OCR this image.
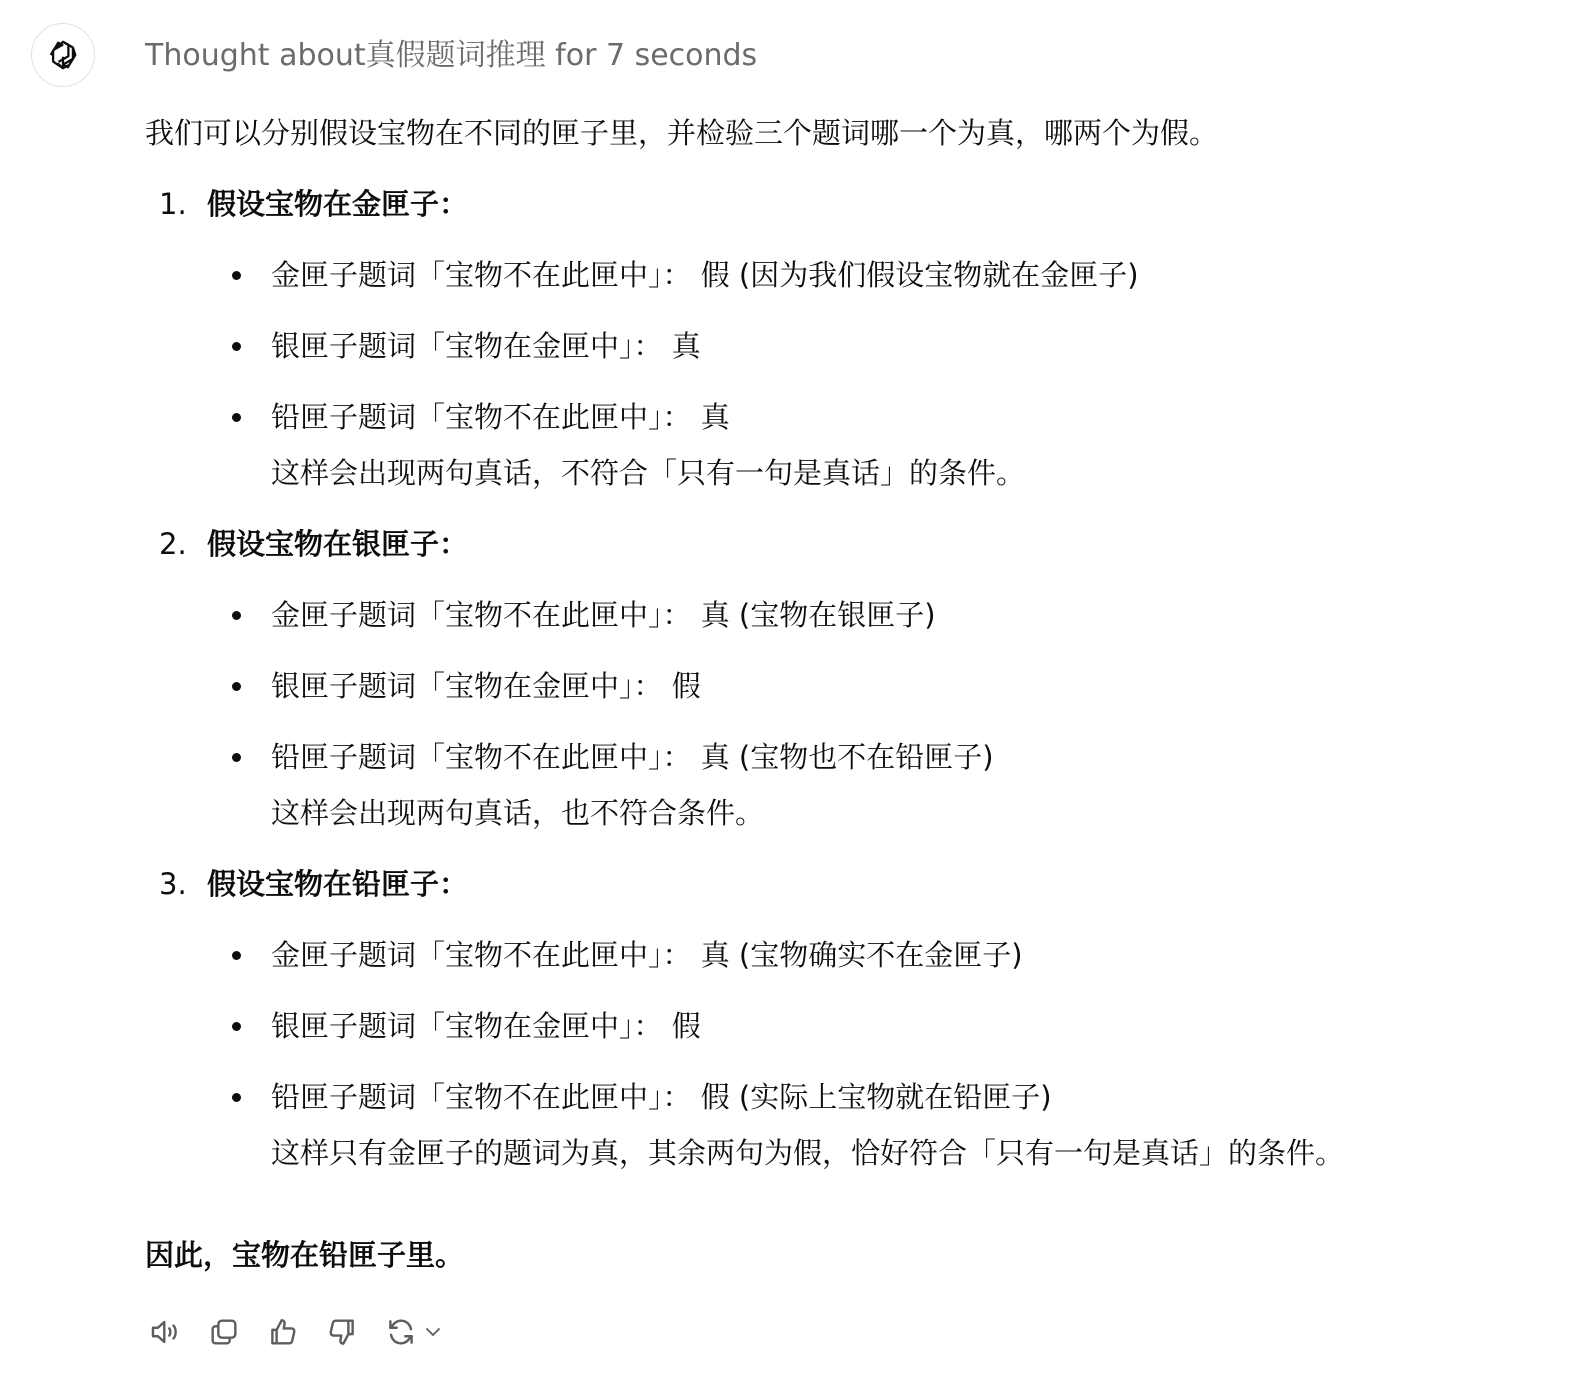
Thought about真假题词推理 for 7 seconds

我们可以分别假设宝物在不同的匣子里，并检验三个题词哪一个为真，哪两个为假。

1. 假设宝物在金匣子：
金匣子题词「宝物不在此匣中」： 假 (因为我们假设宝物就在金匣子)
银匣子题词「宝物在金匣中」： 真
铅匣子题词「宝物不在此匣中」： 真
这样会出现两句真话，不符合「只有一句是真话」的条件。
2. 假设宝物在银匣子：
金匣子题词「宝物不在此匣中」： 真 (宝物在银匣子)
银匣子题词「宝物在金匣中」： 假
铅匣子题词「宝物不在此匣中」： 真 (宝物也不在铅匣子)
这样会出现两句真话，也不符合条件。
3. 假设宝物在铅匣子：
金匣子题词「宝物不在此匣中」： 真 (宝物确实不在金匣子)
银匣子题词「宝物在金匣中」： 假
铅匣子题词「宝物不在此匣中」： 假 (实际上宝物就在铅匣子)
这样只有金匣子的题词为真，其余两句为假，恰好符合「只有一句是真话」的条件。
因此，宝物在铅匣子里。
